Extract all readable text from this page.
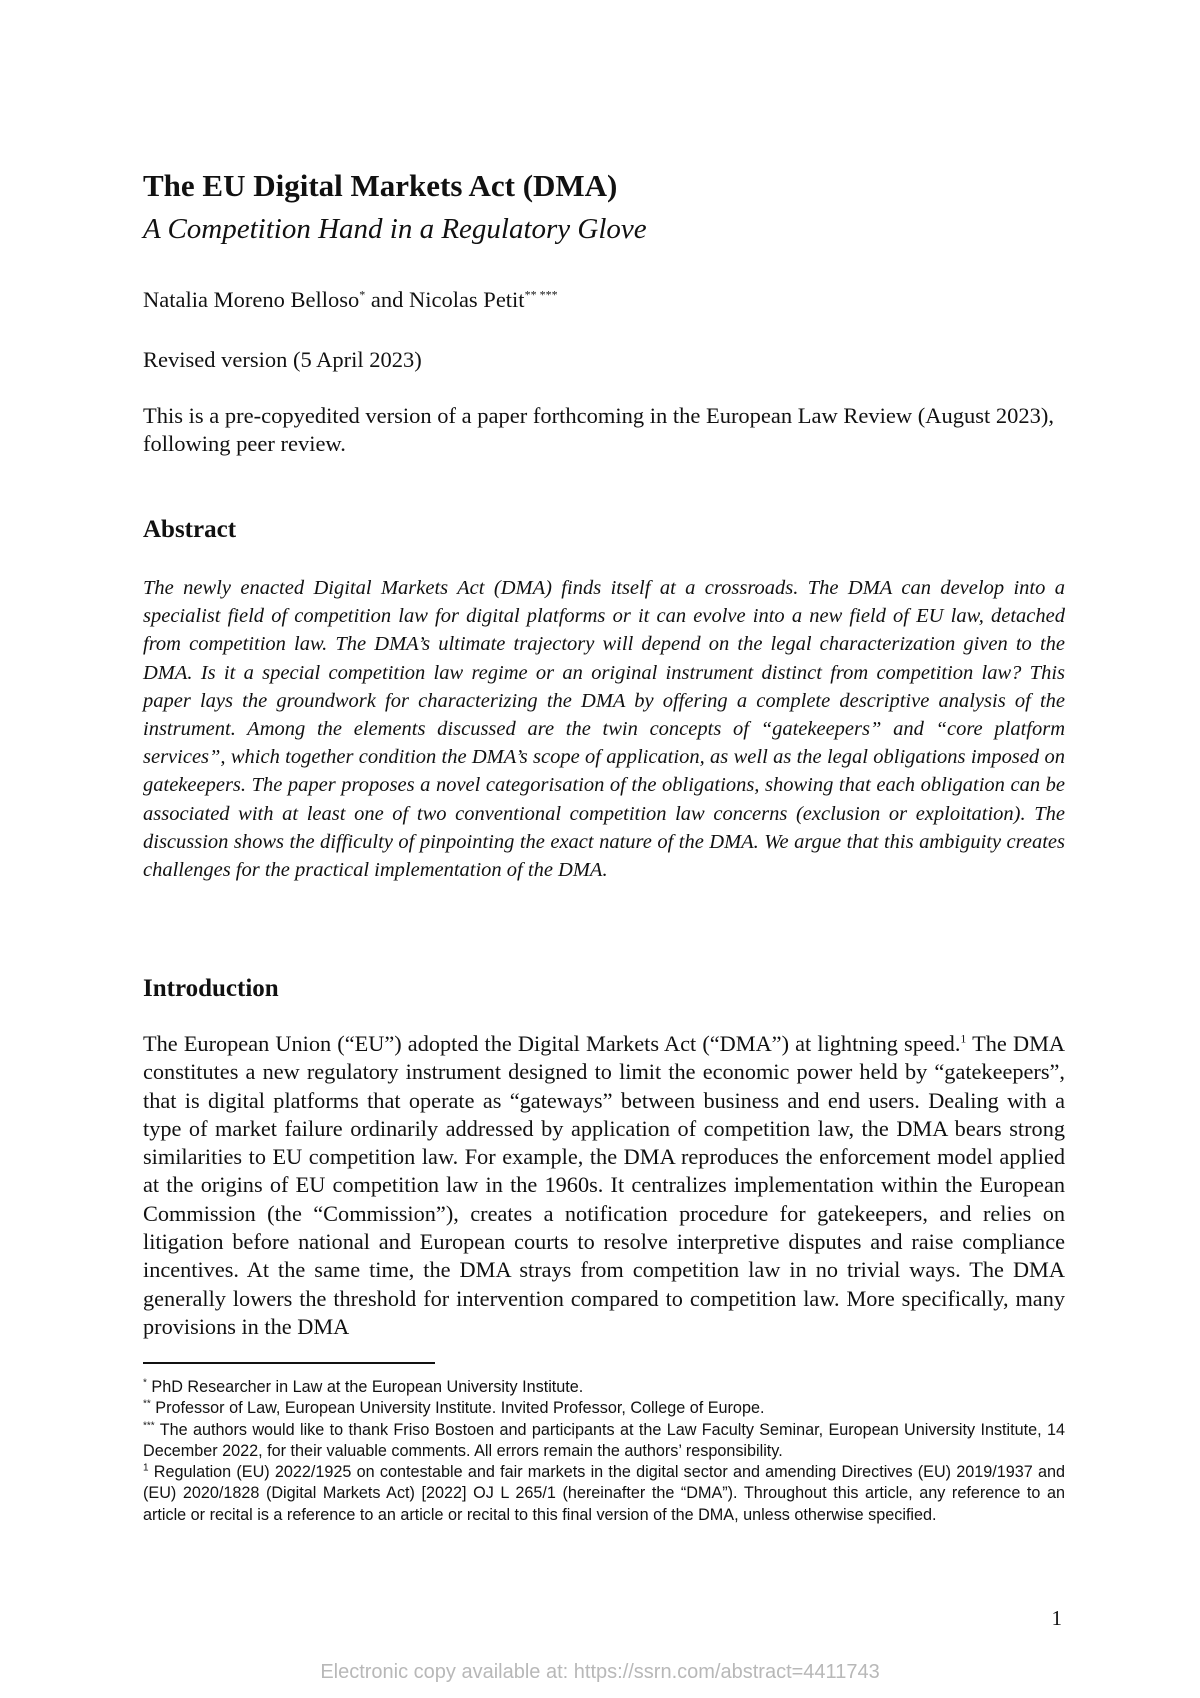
The EU Digital Markets Act (DMA)
A Competition Hand in a Regulatory Glove
Natalia Moreno Belloso* and Nicolas Petit** ***
Revised version (5 April 2023)
This is a pre-copyedited version of a paper forthcoming in the European Law Review (August 2023), following peer review.
Abstract

The newly enacted Digital Markets Act (DMA) finds itself at a crossroads. The DMA can develop into a specialist field of competition law for digital platforms or it can evolve into a new field of EU law, detached from competition law. The DMA’s ultimate trajectory will depend on the legal characterization given to the DMA. Is it a special competition law regime or an original instrument distinct from competition law? This paper lays the groundwork for characterizing the DMA by offering a complete descriptive analysis of the instrument. Among the elements discussed are the twin concepts of “gatekeepers” and “core platform services”, which together condition the DMA’s scope of application, as well as the legal obligations imposed on gatekeepers. The paper proposes a novel categorisation of the obligations, showing that each obligation can be associated with at least one of two conventional competition law concerns (exclusion or exploitation). The discussion shows the difficulty of pinpointing the exact nature of the DMA. We argue that this ambiguity creates challenges for the practical implementation of the DMA.

Introduction

The European Union (“EU”) adopted the Digital Markets Act (“DMA”) at lightning speed.$^1$ The DMA constitutes a new regulatory instrument designed to limit the economic power held by “gatekeepers”, that is digital platforms that operate as “gateways” between business and end users. Dealing with a type of market failure ordinarily addressed by application of competition law, the DMA bears strong similarities to EU competition law. For example, the DMA reproduces the enforcement model applied at the origins of EU competition law in the 1960s. It centralizes implementation within the European Commission (the “Commission”), creates a notification procedure for gatekeepers, and relies on litigation before national and European courts to resolve interpretive disputes and raise compliance incentives. At the same time, the DMA strays from competition law in no trivial ways. The DMA generally lowers the threshold for intervention compared to competition law. More specifically, many provisions in the DMA

* PhD Researcher in Law at the European University Institute.

** Professor of Law, European University Institute. Invited Professor, College of Europe.

*** The authors would like to thank Friso Bostoen and participants at the Law Faculty Seminar, European University Institute, 14 December 2022, for their valuable comments. All errors remain the authors’ responsibility.

$^1$ Regulation (EU) 2022/1925 on contestable and fair markets in the digital sector and amending Directives (EU) 2019/1937 and (EU) 2020/1828 (Digital Markets Act) [2022] OJ L 265/1 (hereinafter the “DMA”). Throughout this article, any reference to an article or recital is a reference to an article or recital to this final version of the DMA, unless otherwise specified.

1
Electronic copy available at: https://ssrn.com/abstract=4411743
